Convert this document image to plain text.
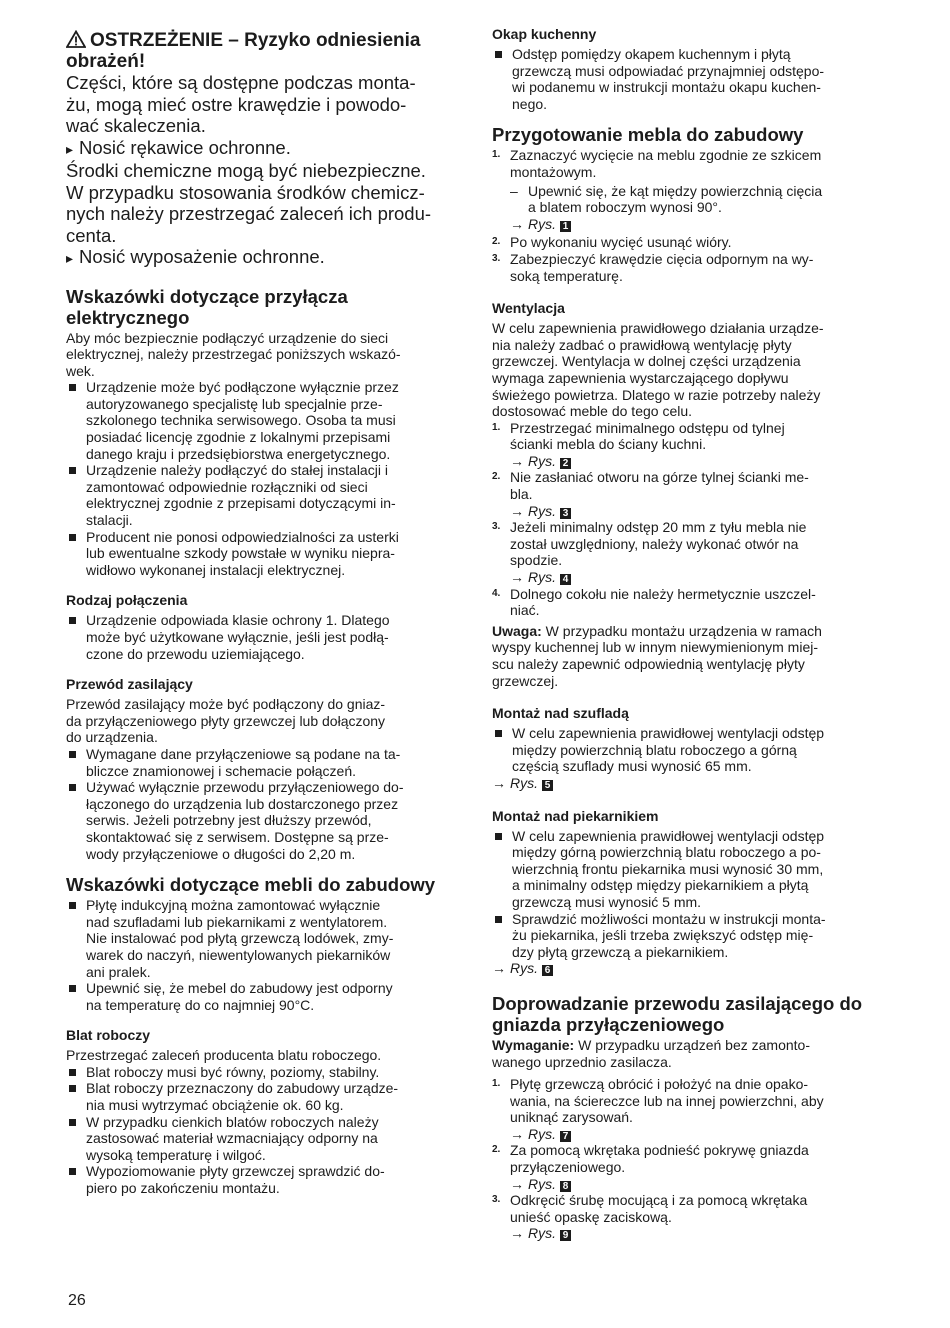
OSTRZEŻENIE – Ryzyko odniesienia
obrażeń!

Części, które są dostępne podczas monta-
żu, mogą mieć ostre krawędzie i powodo-
wać skaleczenia.

▸ Nosić rękawice ochronne.

Środki chemiczne mogą być niebezpieczne.
W przypadku stosowania środków chemicz-
nych należy przestrzegać zaleceń ich produ-
centa.

▸ Nosić wyposażenie ochronne.

Wskazówki dotyczące przyłącza
elektrycznego

Aby móc bezpiecznie podłączyć urządzenie do sieci
elektrycznej, należy przestrzegać poniższych wskazó-
wek.

Urządzenie może być podłączone wyłącznie przez
autoryzowanego specjalistę lub specjalnie prze-
szkolonego technika serwisowego. Osoba ta musi
posiadać licencję zgodnie z lokalnymi przepisami
danego kraju i przedsiębiorstwa energetycznego.
Urządzenie należy podłączyć do stałej instalacji i
zamontować odpowiednie rozłączniki od sieci
elektrycznej zgodnie z przepisami dotyczącymi in-
stalacji.
Producent nie ponosi odpowiedzialności za usterki
lub ewentualne szkody powstałe w wyniku niepra-
widłowo wykonanej instalacji elektrycznej.
Rodzaj połączenia
Urządzenie odpowiada klasie ochrony 1. Dlatego
może być użytkowane wyłącznie, jeśli jest podłą-
czone do przewodu uziemiającego.
Przewód zasilający

Przewód zasilający może być podłączony do gniaz-
da przyłączeniowego płyty grzewczej lub dołączony
do urządzenia.

Wymagane dane przyłączeniowe są podane na ta-
bliczce znamionowej i schemacie połączeń.
Używać wyłącznie przewodu przyłączeniowego do-
łączonego do urządzenia lub dostarczonego przez
serwis. Jeżeli potrzebny jest dłuższy przewód,
skontaktować się z serwisem. Dostępne są prze-
wody przyłączeniowe o długości do 2,20 m.
Wskazówki dotyczące mebli do zabudowy
Płytę indukcyjną można zamontować wyłącznie
nad szufladami lub piekarnikami z wentylatorem.
Nie instalować pod płytą grzewczą lodówek, zmy-
warek do naczyń, niewentylowanych piekarników
ani pralek.
Upewnić się, że mebel do zabudowy jest odporny
na temperaturę do co najmniej 90°C.
Blat roboczy

Przestrzegać zaleceń producenta blatu roboczego.

Blat roboczy musi być równy, poziomy, stabilny.
Blat roboczy przeznaczony do zabudowy urządze-
nia musi wytrzymać obciążenie ok. 60 kg.
W przypadku cienkich blatów roboczych należy
zastosować materiał wzmacniający odporny na
wysoką temperaturę i wilgoć.
Wypoziomowanie płyty grzewczej sprawdzić do-
piero po zakończeniu montażu.
Okap kuchenny
Odstęp pomiędzy okapem kuchennym i płytą
grzewczą musi odpowiadać przynajmniej odstępo-
wi podanemu w instrukcji montażu okapu kuchen-
nego.
Przygotowanie mebla do zabudowy
1. Zaznaczyć wycięcie na meblu zgodnie ze szkicem
montażowym.
– Upewnić się, że kąt między powierzchnią cięcia
a blatem roboczym wynosi 90°.
→ Rys. 1
2. Po wykonaniu wycięć usunąć wióry.
3. Zabezpieczyć krawędzie cięcia odpornym na wy-
soką temperaturę.
Wentylacja

W celu zapewnienia prawidłowego działania urządze-
nia należy zadbać o prawidłową wentylację płyty
grzewczej. Wentylacja w dolnej części urządzenia
wymaga zapewnienia wystarczającego dopływu
świeżego powietrza. Dlatego w razie potrzeby należy
dostosować meble do tego celu.

1. Przestrzegać minimalnego odstępu od tylnej
ścianki mebla do ściany kuchni.
→ Rys. 2
2. Nie zasłaniać otworu na górze tylnej ścianki me-
bla.
→ Rys. 3
3. Jeżeli minimalny odstęp 20 mm z tyłu mebla nie
został uwzględniony, należy wykonać otwór na
spodzie.
→ Rys. 4
4. Dolnego cokołu nie należy hermetycznie uszczel-
niać.

Uwaga: W przypadku montażu urządzenia w ramach
wyspy kuchennej lub w innym niewymienionym miej-
scu należy zapewnić odpowiednią wentylację płyty
grzewczej.

Montaż nad szufladą
W celu zapewnienia prawidłowej wentylacji odstęp
między powierzchnią blatu roboczego a górną
częścią szuflady musi wynosić 65 mm.
→ Rys. 5
Montaż nad piekarnikiem
W celu zapewnienia prawidłowej wentylacji odstęp
między górną powierzchnią blatu roboczego a po-
wierzchnią frontu piekarnika musi wynosić 30 mm,
a minimalny odstęp między piekarnikiem a płytą
grzewczą musi wynosić 5 mm.
Sprawdzić możliwości montażu w instrukcji monta-
żu piekarnika, jeśli trzeba zwiększyć odstęp mię-
dzy płytą grzewczą a piekarnikiem.
→ Rys. 6
Doprowadzanie przewodu zasilającego do
gniazda przyłączeniowego

Wymaganie: W przypadku urządzeń bez zamonto-
wanego uprzednio zasilacza.

1. Płytę grzewczą obrócić i położyć na dnie opako-
wania, na ściereczce lub na innej powierzchni, aby
uniknąć zarysowań.
→ Rys. 7
2. Za pomocą wkrętaka podnieść pokrywę gniazda
przyłączeniowego.
→ Rys. 8
3. Odkręcić śrubę mocującą i za pomocą wkrętaka
unieść opaskę zaciskową.
→ Rys. 9
26
